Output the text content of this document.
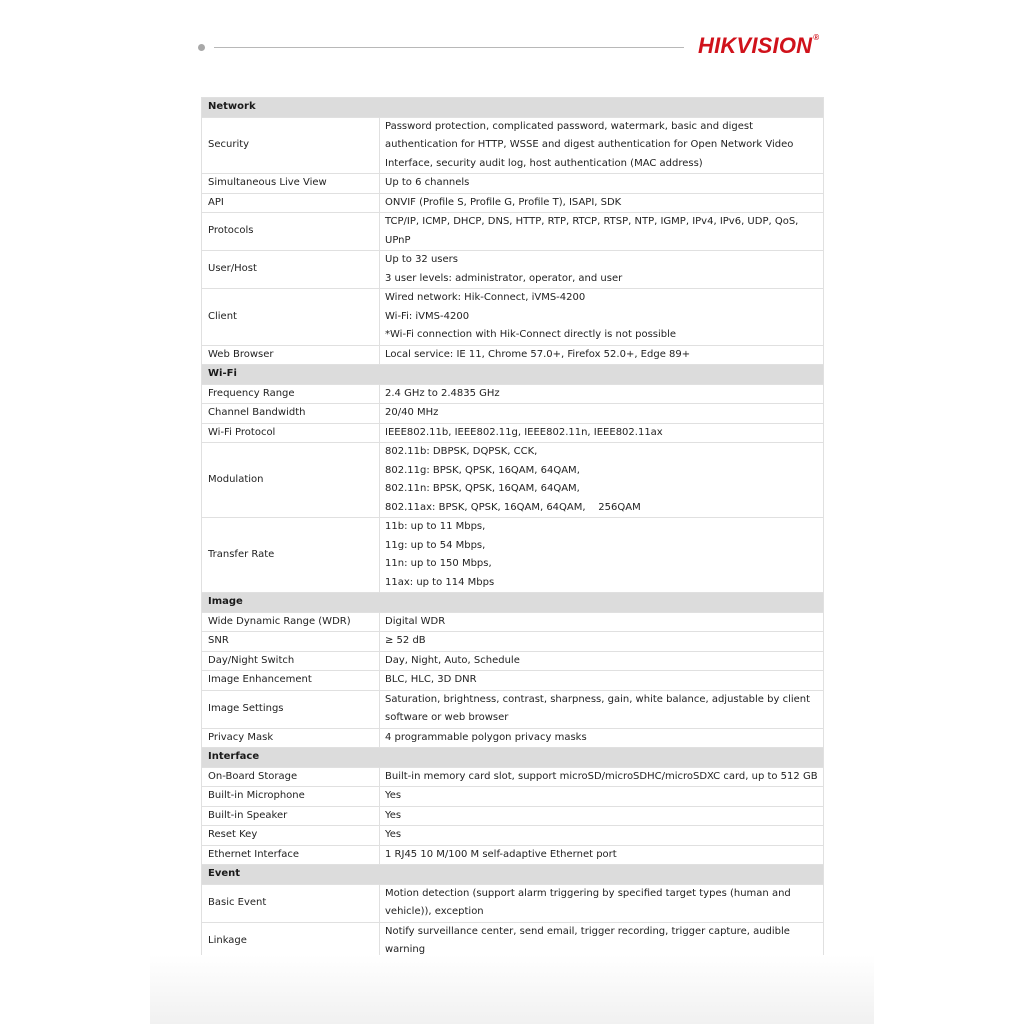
HIKVISION®
Network	
Security	Password protection, complicated password, watermark, basic and digest
authentication for HTTP, WSSE and digest authentication for Open Network Video
Interface, security audit log, host authentication (MAC address)

Simultaneous Live View	Up to 6 channels

API	ONVIF (Profile S, Profile G, Profile T), ISAPI, SDK

Protocols	TCP/IP, ICMP, DHCP, DNS, HTTP, RTP, RTCP, RTSP, NTP, IGMP, IPv4, IPv6, UDP, QoS,
UPnP

User/Host	Up to 32 users
3 user levels: administrator, operator, and user

Client	Wired network: Hik-Connect, iVMS-4200
Wi-Fi: iVMS-4200
*Wi-Fi connection with Hik-Connect directly is not possible

Web Browser	Local service: IE 11, Chrome 57.0+, Firefox 52.0+, Edge 89+

Wi-Fi	
Frequency Range	2.4 GHz to 2.4835 GHz

Channel Bandwidth	20/40 MHz

Wi-Fi Protocol	IEEE802.11b, IEEE802.11g, IEEE802.11n, IEEE802.11ax

Modulation	802.11b: DBPSK, DQPSK, CCK,
802.11g: BPSK, QPSK, 16QAM, 64QAM,
802.11n: BPSK, QPSK, 16QAM, 64QAM,
802.11ax: BPSK, QPSK, 16QAM, 64QAM,    256QAM

Transfer Rate	11b: up to 11 Mbps,
11g: up to 54 Mbps,
11n: up to 150 Mbps,
11ax: up to 114 Mbps

Image	
Wide Dynamic Range (WDR)	Digital WDR

SNR	≥ 52 dB

Day/Night Switch	Day, Night, Auto, Schedule

Image Enhancement	BLC, HLC, 3D DNR

Image Settings	Saturation, brightness, contrast, sharpness, gain, white balance, adjustable by client
software or web browser

Privacy Mask	4 programmable polygon privacy masks

Interface	
On-Board Storage	Built-in memory card slot, support microSD/microSDHC/microSDXC card, up to 512 GB

Built-in Microphone	Yes

Built-in Speaker	Yes

Reset Key	Yes

Ethernet Interface	1 RJ45 10 M/100 M self-adaptive Ethernet port

Event	
Basic Event	Motion detection (support alarm triggering by specified target types (human and
vehicle)), exception

Linkage	Notify surveillance center, send email, trigger recording, trigger capture, audible
warning
